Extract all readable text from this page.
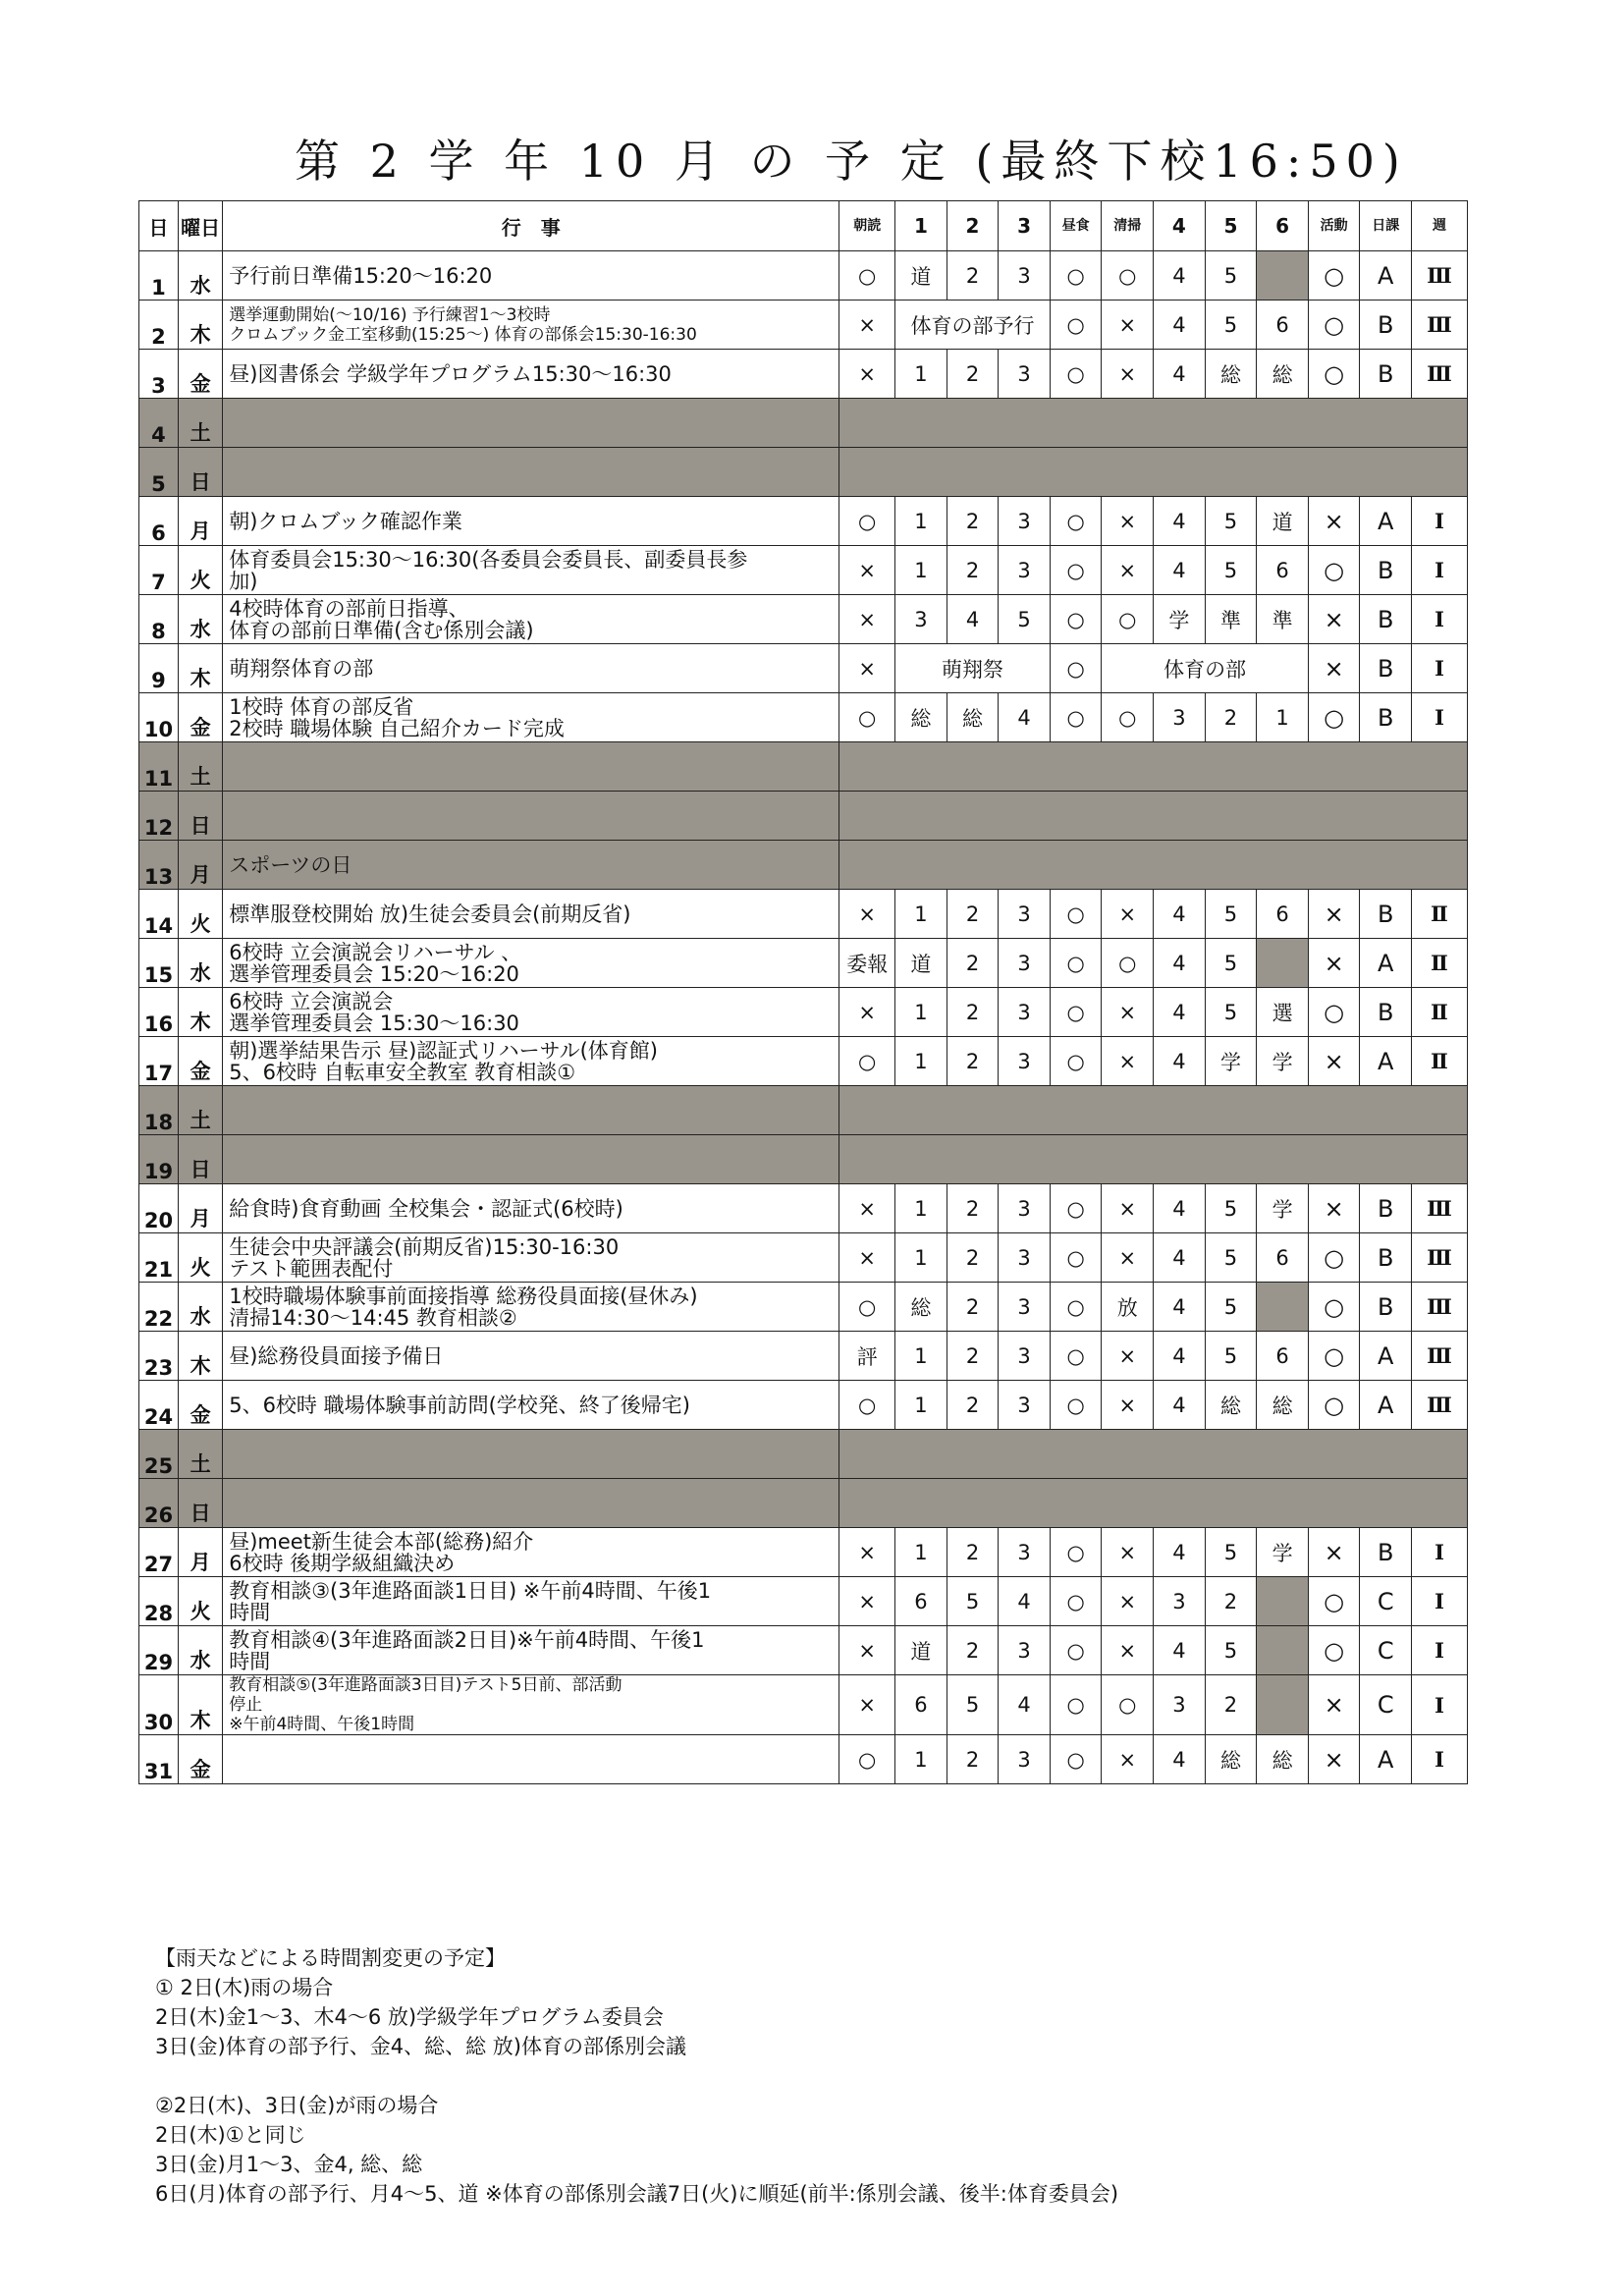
第 2 学 年 10 月 の 予 定 (最終下校16:50)
日	曜日	行　事	朝読	1	2	3	昼食	清掃	4	5	6	活動	日課	週
1	水	予行前日準備15:20〜16:20	○	道	2	3	○	○	4	5		○	A	Ⅲ
2	木	選挙運動開始(〜10/16) 予行練習1〜3校時
クロムブック金工室移動(15:25〜) 体育の部係会15:30-16:30	×	体育の部予行			○	×	4	5	6	○	B	Ⅲ
3	金	昼)図書係会 学級学年プログラム15:30〜16:30	×	1	2	3	○	×	4	総	総	○	B	Ⅲ
4	土													
5	日													
6	月	朝)クロムブック確認作業	○	1	2	3	○	×	4	5	道	×	A	Ⅰ
7	火	体育委員会15:30〜16:30(各委員会委員長、副委員長参
加)	×	1	2	3	○	×	4	5	6	○	B	Ⅰ
8	水	4校時体育の部前日指導、
体育の部前日準備(含む係別会議)	×	3	4	5	○	○	学	準	準	×	B	Ⅰ
9	木	萌翔祭体育の部	×	萌翔祭			○	体育の部				×	B	Ⅰ
10	金	1校時 体育の部反省
2校時 職場体験 自己紹介カード完成	○	総	総	4	○	○	3	2	1	○	B	Ⅰ
11	土													
12	日													
13	月	スポーツの日												

14	火	標準服登校開始 放)生徒会委員会(前期反省)	×	1	2	3	○	×	4	5	6	×	B	Ⅱ
15	水	6校時 立会演説会リハーサル 、
選挙管理委員会 15:20〜16:20	委報	道	2	3	○	○	4	5		×	A	Ⅱ
16	木	6校時 立会演説会
選挙管理委員会 15:30〜16:30	×	1	2	3	○	×	4	5	選	○	B	Ⅱ
17	金	朝)選挙結果告示 昼)認証式リハーサル(体育館)
5、6校時 自転車安全教室 教育相談①	○	1	2	3	○	×	4	学	学	×	A	Ⅱ
18	土													
19	日													
20	月	給食時)食育動画 全校集会・認証式(6校時)	×	1	2	3	○	×	4	5	学	×	B	Ⅲ
21	火	生徒会中央評議会(前期反省)15:30-16:30
テスト範囲表配付	×	1	2	3	○	×	4	5	6	○	B	Ⅲ
22	水	1校時職場体験事前面接指導 総務役員面接(昼休み)
清掃14:30〜14:45 教育相談②	○	総	2	3	○	放	4	5		○	B	Ⅲ
23	木	昼)総務役員面接予備日	評	1	2	3	○	×	4	5	6	○	A	Ⅲ
24	金	5、6校時 職場体験事前訪問(学校発、終了後帰宅)	○	1	2	3	○	×	4	総	総	○	A	Ⅲ
25	土													
26	日													
27	月	昼)meet新生徒会本部(総務)紹介
6校時 後期学級組織決め	×	1	2	3	○	×	4	5	学	×	B	Ⅰ
28	火	教育相談③(3年進路面談1日目) ※午前4時間、午後1
時間	×	6	5	4	○	×	3	2		○	C	Ⅰ
29	水	教育相談④(3年進路面談2日目)※午前4時間、午後1
時間	×	道	2	3	○	×	4	5		○	C	Ⅰ
30	木	教育相談⑤(3年進路面談3日目)テスト5日前、部活動
停止
※午前4時間、午後1時間	×	6	5	4	○	○	3	2		×	C	Ⅰ
31	金		○	1	2	3	○	×	4	総	総	×	A	Ⅰ
【雨天などによる時間割変更の予定】
① 2日(木)雨の場合
2日(木)金1〜3、木4〜6 放)学級学年プログラム委員会
3日(金)体育の部予行、金4、総、総 放)体育の部係別会議
②2日(木)、3日(金)が雨の場合
2日(木)①と同じ
3日(金)月1〜3、金4, 総、総
6日(月)体育の部予行、月4〜5、道 ※体育の部係別会議7日(火)に順延(前半:係別会議、後半:体育委員会)
